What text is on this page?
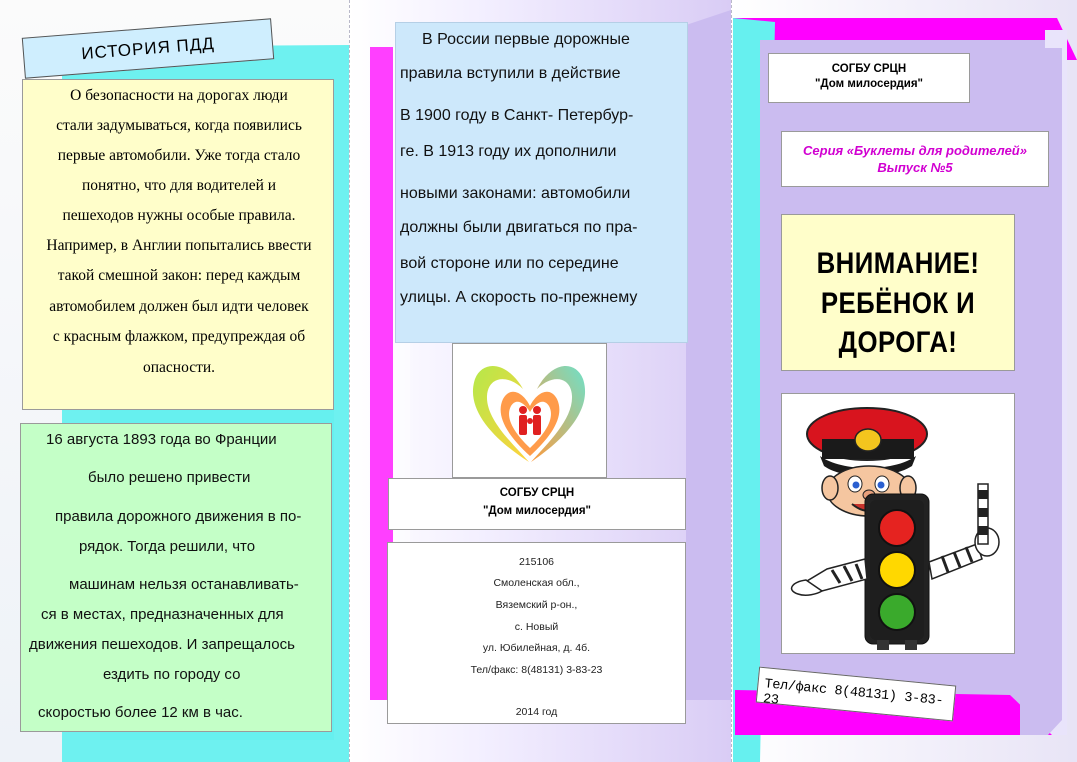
ИСТОРИЯ ПДД
О безопасности на дорогах люди
стали задумываться, когда появились
первые автомобили. Уже тогда стало
понятно, что для водителей и
пешеходов нужны особые правила.
Например, в Англии попытались ввести
такой смешной закон: перед каждым
автомобилем должен был идти человек
с красным флажком, предупреждая об
опасности.
16 августа 1893 года во Франции
было решено привести
правила дорожного движения в по-
рядок. Тогда решили, что
машинам нельзя останавливать-
ся в местах, предназначенных для
движения пешеходов. И запрещалось
ездить по городу со
скоростью более 12 км в час.
В России первые дорожные
правила вступили в действие
В 1900 году в Санкт- Петербур-
ге. В 1913 году их дополнили
новыми законами: автомобили
должны были двигаться по пра-
вой стороне или по середине
улицы. А скорость по-прежнему
СОГБУ СРЦН
"Дом милосердия"
215106
Смоленская обл.,
Вяземский р-он.,
с. Новый
ул. Юбилейная, д. 4б.
Тел/факс: 8(48131) 3-83-23
2014 год
СОГБУ СРЦН
"Дом милосердия"
Серия «Буклеты для родителей»
Выпуск №5
ВНИМАНИЕ!
РЕБЁНОК И
ДОРОГА!
Тел/факс 8(48131) 3-83-23
